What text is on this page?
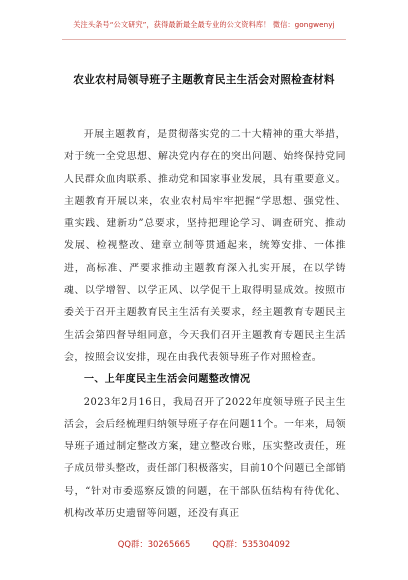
关注头条号“公文研究”，获得最新最全最专业的公文资料库！ 微信：gongwenyj
农业农村局领导班子主题教育民主生活会对照检查材料

开展主题教育，是贯彻落实党的二十大精神的重大举措，对于统一全党思想、解决党内存在的突出问题、始终保持党同人民群众血肉联系、推动党和国家事业发展，具有重要意义。主题教育开展以来，农业农村局牢牢把握“学思想、强党性、重实践、建新功”总要求，坚持把理论学习、调查研究、推动发展、检视整改、建章立制等贯通起来，统筹安排、一体推进，高标准、严要求推动主题教育深入扎实开展，在以学铸魂、以学增智、以学正风、以学促干上取得明显成效。按照市委关于召开主题教育民主生活有关要求，经主题教育专题民主生活会第四督导组同意，今天我们召开主题教育专题民主生活会，按照会议安排，现在由我代表领导班子作对照检查。

一、上年度民主生活会问题整改情况

2023年2月16日，我局召开了2022年度领导班子民主生活会，会后经梳理归纳领导班子存在问题11个。一年来，局领导班子通过制定整改方案，建立整改台账，压实整改责任，班子成员带头整改，责任部门积极落实，目前10个问题已全部销号，“针对市委巡察反馈的问题，在干部队伍结构有待优化、机构改革历史遗留等问题，还没有真正

QQ群：30265665	QQ群：535304092
